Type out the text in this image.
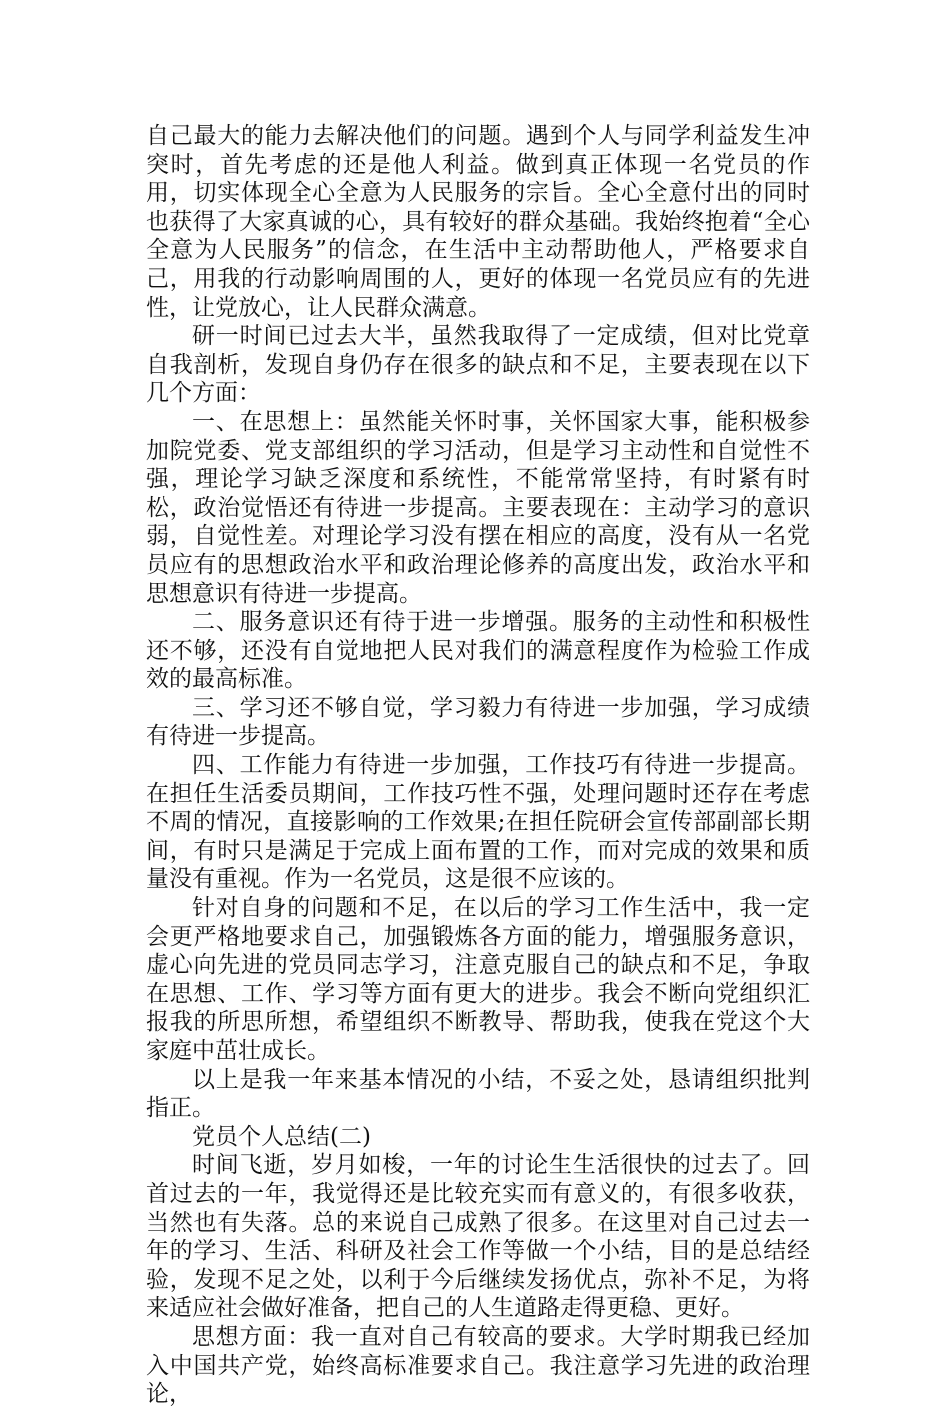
自己最大的能力去解决他们的问题。遇到个人与同学利益发生冲突时，首先考虑的还是他人利益。做到真正体现一名党员的作用，切实体现全心全意为人民服务的宗旨。全心全意付出的同时也获得了大家真诚的心，具有较好的群众基础。我始终抱着“全心全意为人民服务”的信念，在生活中主动帮助他人，严格要求自己，用我的行动影响周围的人，更好的体现一名党员应有的先进性，让党放心，让人民群众满意。

研一时间已过去大半，虽然我取得了一定成绩，但对比党章自我剖析，发现自身仍存在很多的缺点和不足，主要表现在以下几个方面：

一、在思想上：虽然能关怀时事，关怀国家大事，能积极参加院党委、党支部组织的学习活动，但是学习主动性和自觉性不强，理论学习缺乏深度和系统性，不能常常坚持，有时紧有时松，政治觉悟还有待进一步提高。主要表现在：主动学习的意识弱，自觉性差。对理论学习没有摆在相应的高度，没有从一名党员应有的思想政治水平和政治理论修养的高度出发，政治水平和思想意识有待进一步提高。

二、服务意识还有待于进一步增强。服务的主动性和积极性还不够，还没有自觉地把人民对我们的满意程度作为检验工作成效的最高标准。

三、学习还不够自觉，学习毅力有待进一步加强，学习成绩有待进一步提高。

四、工作能力有待进一步加强，工作技巧有待进一步提高。在担任生活委员期间，工作技巧性不强，处理问题时还存在考虑不周的情况，直接影响的工作效果;在担任院研会宣传部副部长期间，有时只是满足于完成上面布置的工作，而对完成的效果和质量没有重视。作为一名党员，这是很不应该的。

针对自身的问题和不足，在以后的学习工作生活中，我一定会更严格地要求自己，加强锻炼各方面的能力，增强服务意识，虚心向先进的党员同志学习，注意克服自己的缺点和不足，争取在思想、工作、学习等方面有更大的进步。我会不断向党组织汇报我的所思所想，希望组织不断教导、帮助我，使我在党这个大家庭中茁壮成长。

以上是我一年来基本情况的小结，不妥之处，恳请组织批判指正。

党员个人总结(二)

时间飞逝，岁月如梭，一年的讨论生生活很快的过去了。回首过去的一年，我觉得还是比较充实而有意义的，有很多收获，当然也有失落。总的来说自己成熟了很多。在这里对自己过去一年的学习、生活、科研及社会工作等做一个小结，目的是总结经验，发现不足之处，以利于今后继续发扬优点，弥补不足，为将来适应社会做好准备，把自己的人生道路走得更稳、更好。

思想方面：我一直对自己有较高的要求。大学时期我已经加入中国共产党，始终高标准要求自己。我注意学习先进的政治理论，
